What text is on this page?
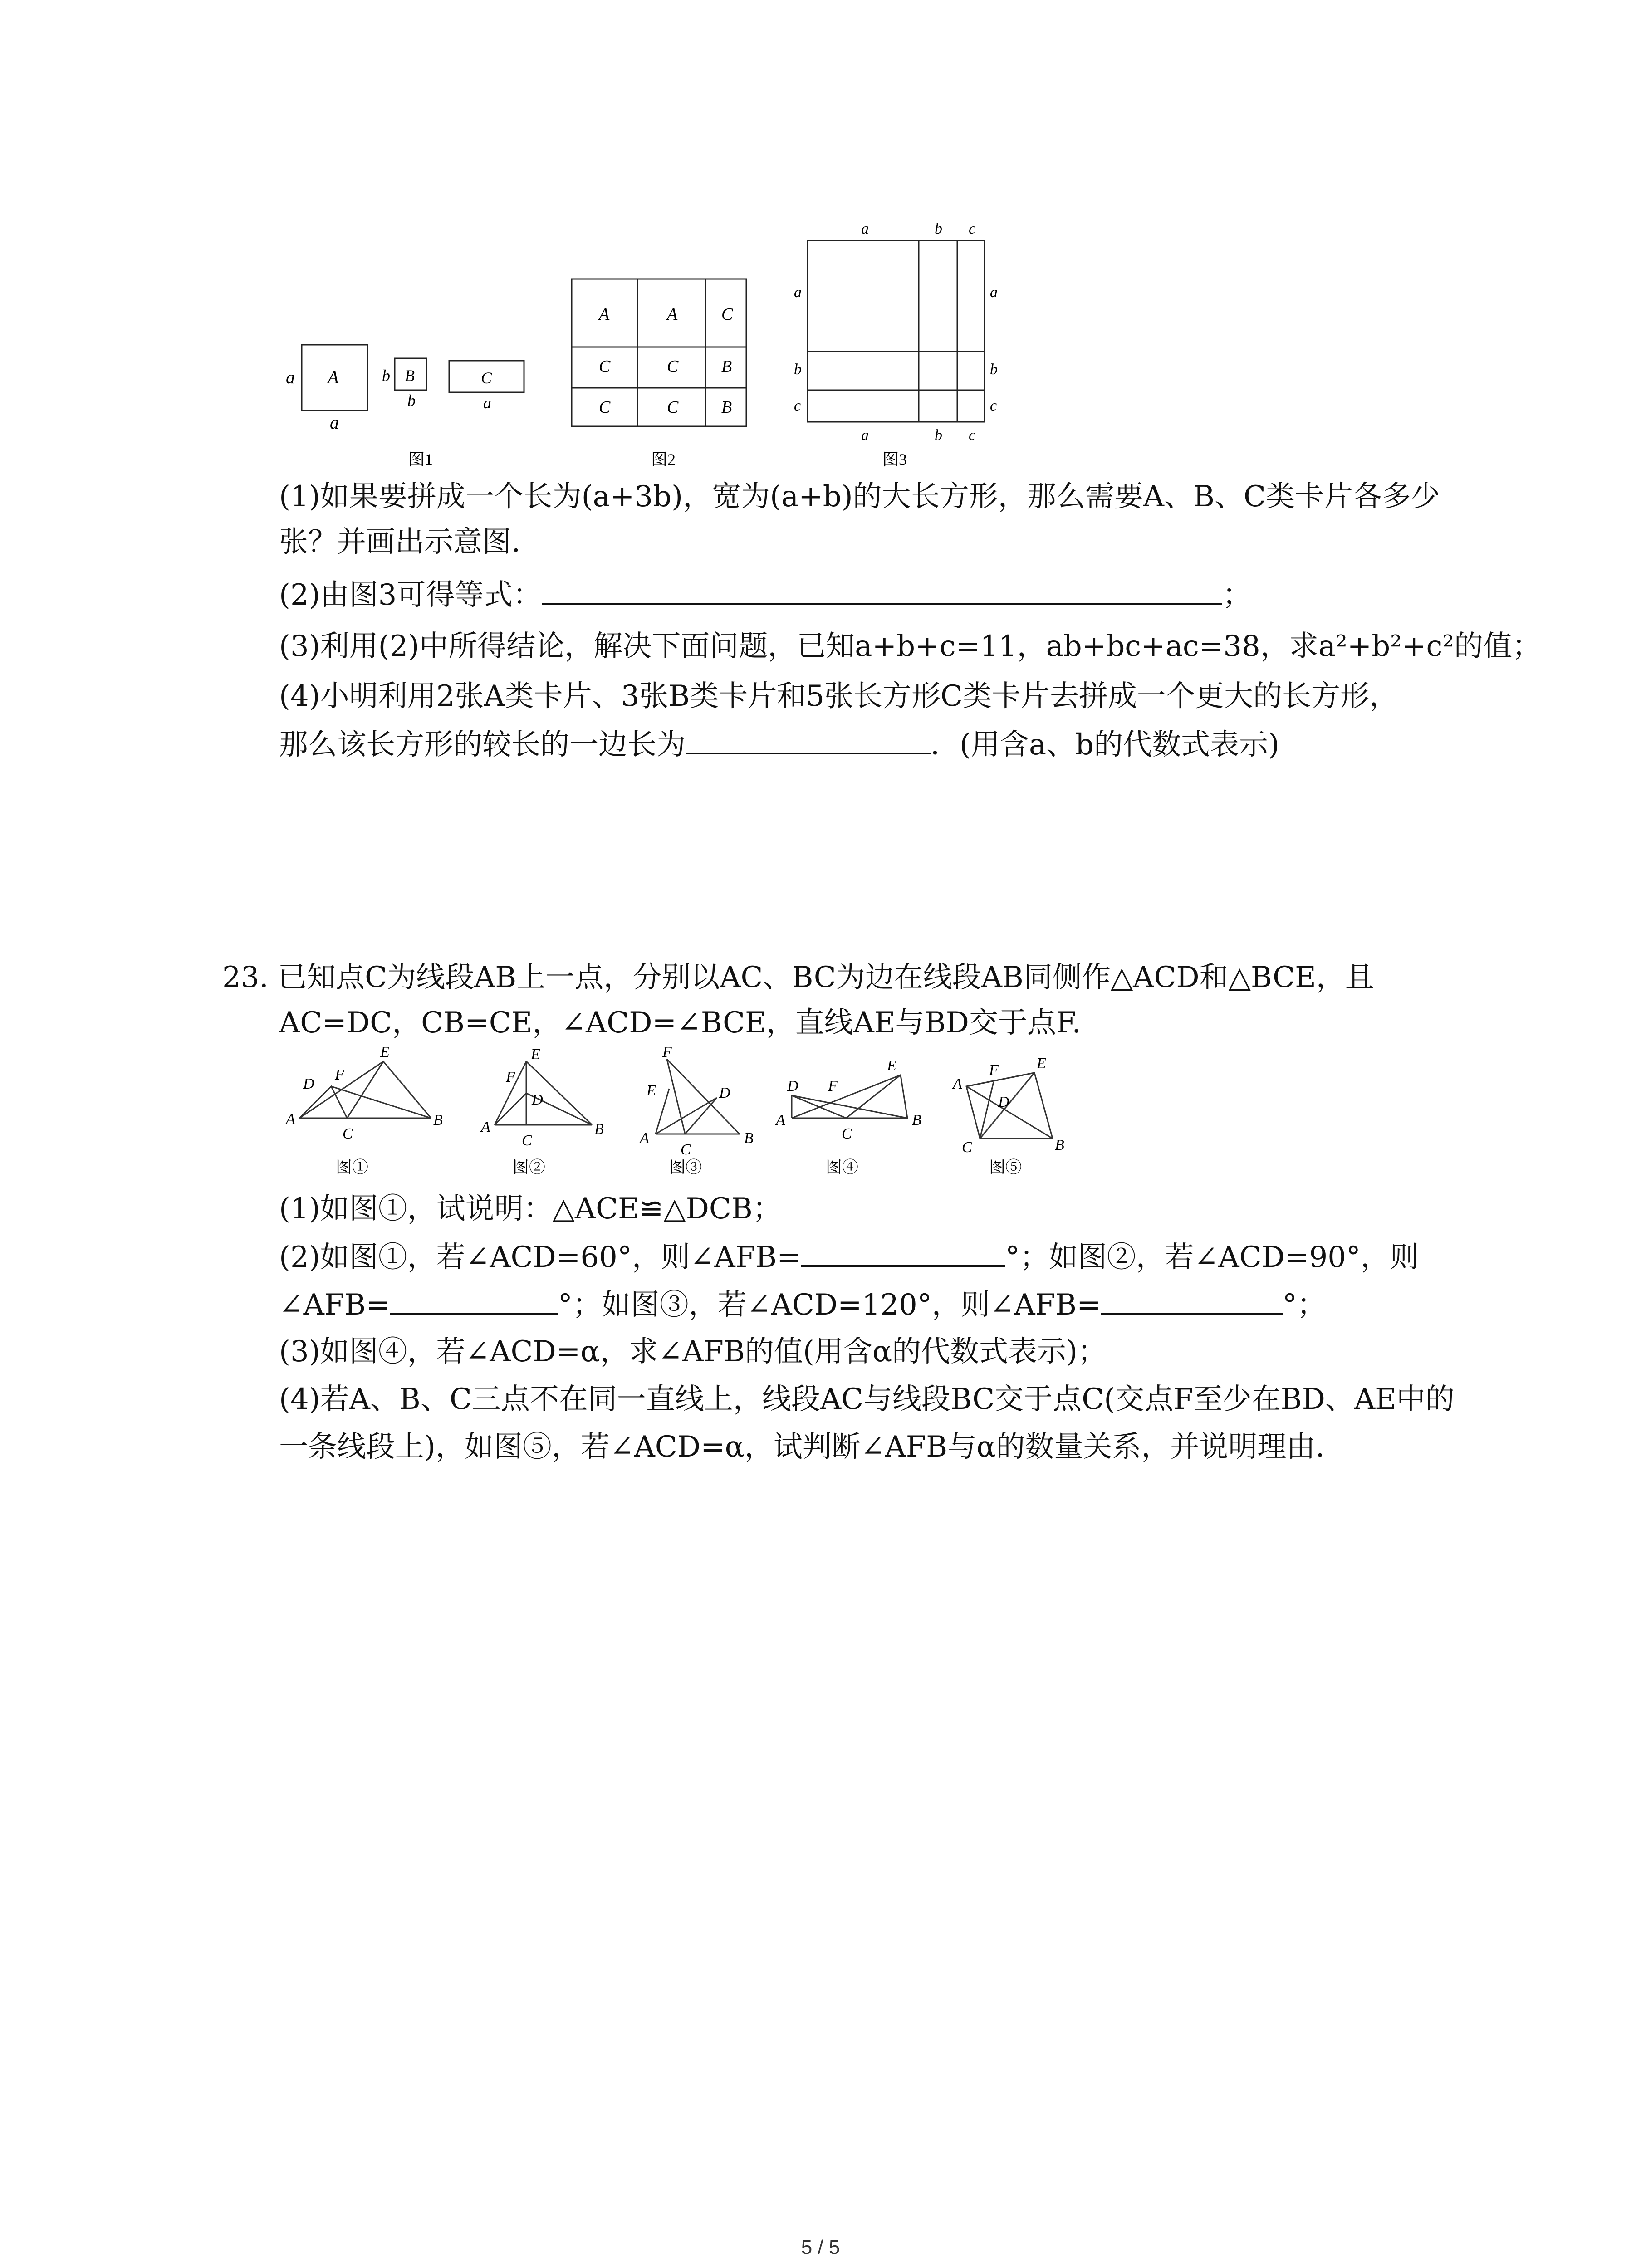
a A
a
b B
b
C
a
图1
A	A	C
C	C B
C	C B
图2
a	b c
a	b c
a
b
c
a
b
c
图3
(1)如果要拼成一个长为(a+3b)，宽为(a+b)的大长方形，那么需要A、B、C类卡片各多少
张？并画出示意图.
(2)由图3可得等式：	；
(3)利用(2)中所得结论，解决下面问题，已知a+b+c=11，ab+bc+ac=38，求a²+b²+c²的值；
(4)小明利用2张A类卡片、3张B类卡片和5张长方形C类卡片去拼成一个更大的长方形，
那么该长方形的较长的一边长为	．(用含a、b的代数式表示)
23. 已知点C为线段AB上一点，分别以AC、BC为边在线段AB同侧作△ACD和△BCE，且
AC=DC，CB=CE，∠ACD=∠BCE，直线AE与BD交于点F.
D
F
E
A
C
B
图①
F
E
D
A
C
B
图②
F
E	D
A
C
B
图③
D F
E
A
C
B
图④
A
F E
D
C	B
图⑤
(1)如图①，试说明：△ACE≌△DCB；
(2)如图①，若∠ACD=60°，则∠AFB=	°；如图②，若∠ACD=90°，则
∠AFB=	°；如图③，若∠ACD=120°，则∠AFB=	°；
(3)如图④，若∠ACD=α，求∠AFB的值(用含α的代数式表示)；
(4)若A、B、C三点不在同一直线上，线段AC与线段BC交于点C(交点F至少在BD、AE中的
一条线段上)，如图⑤，若∠ACD=α，试判断∠AFB与α的数量关系，并说明理由.
5 / 5
